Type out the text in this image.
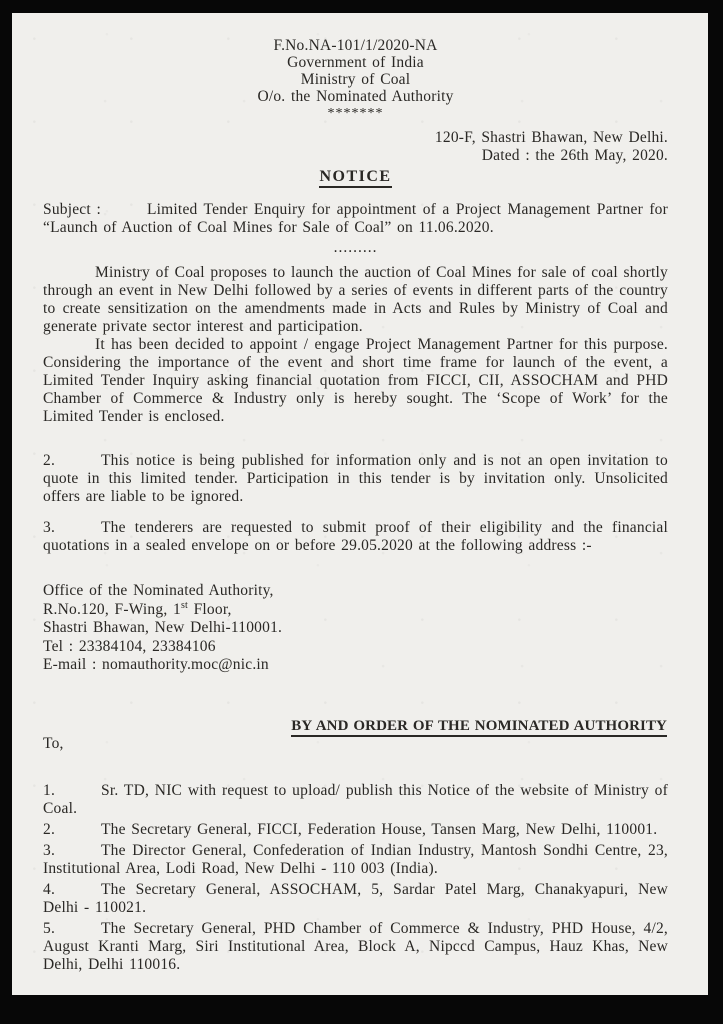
F.No.NA-101/1/2020-NA
Government of India
Ministry of Coal
O/o. the Nominated Authority
*******
120-F, Shastri Bhawan, New Delhi.
Dated : the 26th May, 2020.
NOTICE

Subject :	Limited Tender Enquiry for appointment of a Project Management Partner for “Launch of Auction of Coal Mines for Sale of Coal” on 11.06.2020.

.........

Ministry of Coal proposes to launch the auction of Coal Mines for sale of coal shortly through an event in New Delhi followed by a series of events in different parts of the country to create sensitization on the amendments made in Acts and Rules by Ministry of Coal and generate private sector interest and participation.

It has been decided to appoint / engage Project Management Partner for this purpose. Considering the importance of the event and short time frame for launch of the event, a Limited Tender Inquiry asking financial quotation from FICCI, CII, ASSOCHAM and PHD Chamber of Commerce & Industry only is hereby sought. The ‘Scope of Work’ for the Limited Tender is enclosed.

2.	This notice is being published for information only and is not an open invitation to quote in this limited tender. Participation in this tender is by invitation only. Unsolicited offers are liable to be ignored.

3.	The tenderers are requested to submit proof of their eligibility and the financial quotations in a sealed envelope on or before 29.05.2020 at the following address :-

Office of the Nominated Authority,
R.No.120, F-Wing, 1st Floor,
Shastri Bhawan, New Delhi-110001.
Tel : 23384104, 23384106
E-mail : nomauthority.moc@nic.in
BY AND ORDER OF THE NOMINATED AUTHORITY
To,

1.	Sr. TD, NIC with request to upload/ publish this Notice of the website of Ministry of Coal.

2.	The Secretary General, FICCI, Federation House, Tansen Marg, New Delhi, 110001.

3.	The Director General, Confederation of Indian Industry, Mantosh Sondhi Centre, 23, Institutional Area, Lodi Road, New Delhi - 110 003 (India).

4.	The Secretary General, ASSOCHAM, 5, Sardar Patel Marg, Chanakyapuri, New Delhi - 110021.

5.	The Secretary General, PHD Chamber of Commerce & Industry, PHD House, 4/2, August Kranti Marg, Siri Institutional Area, Block A, Nipccd Campus, Hauz Khas, New Delhi, Delhi 110016.
